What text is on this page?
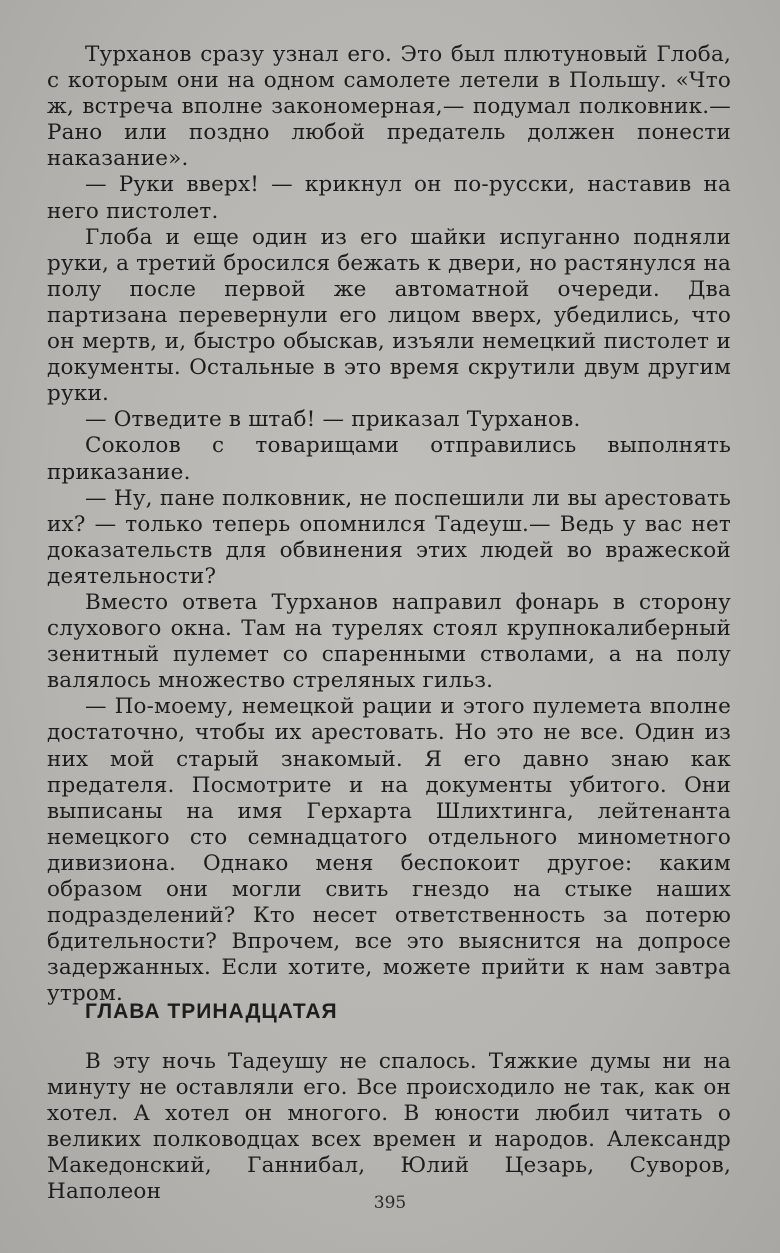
Турханов сразу узнал его. Это был плютуновый Глоба, с которым они на одном самолете летели в Польшу. «Что ж, встреча вполне закономерная,— подумал полковник.— Рано или поздно любой предатель должен понести наказание».

— Руки вверх! — крикнул он по-русски, наставив на него пистолет.

Глоба и еще один из его шайки испуганно подняли руки, а третий бросился бежать к двери, но растянулся на полу после первой же автоматной очереди. Два партизана перевернули его лицом вверх, убедились, что он мертв, и, быстро обыскав, изъяли немецкий пистолет и документы. Остальные в это время скрутили двум другим руки.

— Отведите в штаб! — приказал Турханов.

Соколов с товарищами отправились выполнять приказание.

— Ну, пане полковник, не поспешили ли вы арестовать их? — только теперь опомнился Тадеуш.— Ведь у вас нет доказательств для обвинения этих людей во вражеской деятельности?

Вместо ответа Турханов направил фонарь в сторону слухового окна. Там на турелях стоял крупнокалиберный зенитный пулемет со спаренными стволами, а на полу валялось множество стреляных гильз.

— По-моему, немецкой рации и этого пулемета вполне достаточно, чтобы их арестовать. Но это не все. Один из них мой старый знакомый. Я его давно знаю как предателя. Посмотрите и на документы убитого. Они выписаны на имя Герхарта Шлихтинга, лейтенанта немецкого сто семнадцатого отдельного минометного дивизиона. Однако меня беспокоит другое: каким образом они могли свить гнездо на стыке наших подразделений? Кто несет ответственность за потерю бдительности? Впрочем, все это выяснится на допросе задержанных. Если хотите, можете прийти к нам завтра утром.

ГЛАВА ТРИНАДЦАТАЯ

В эту ночь Тадеушу не спалось. Тяжкие думы ни на минуту не оставляли его. Все происходило не так, как он хотел. А хотел он многого. В юности любил читать о великих полководцах всех времен и народов. Александр Македонский, Ганнибал, Юлий Цезарь, Суворов, Наполеон	395
